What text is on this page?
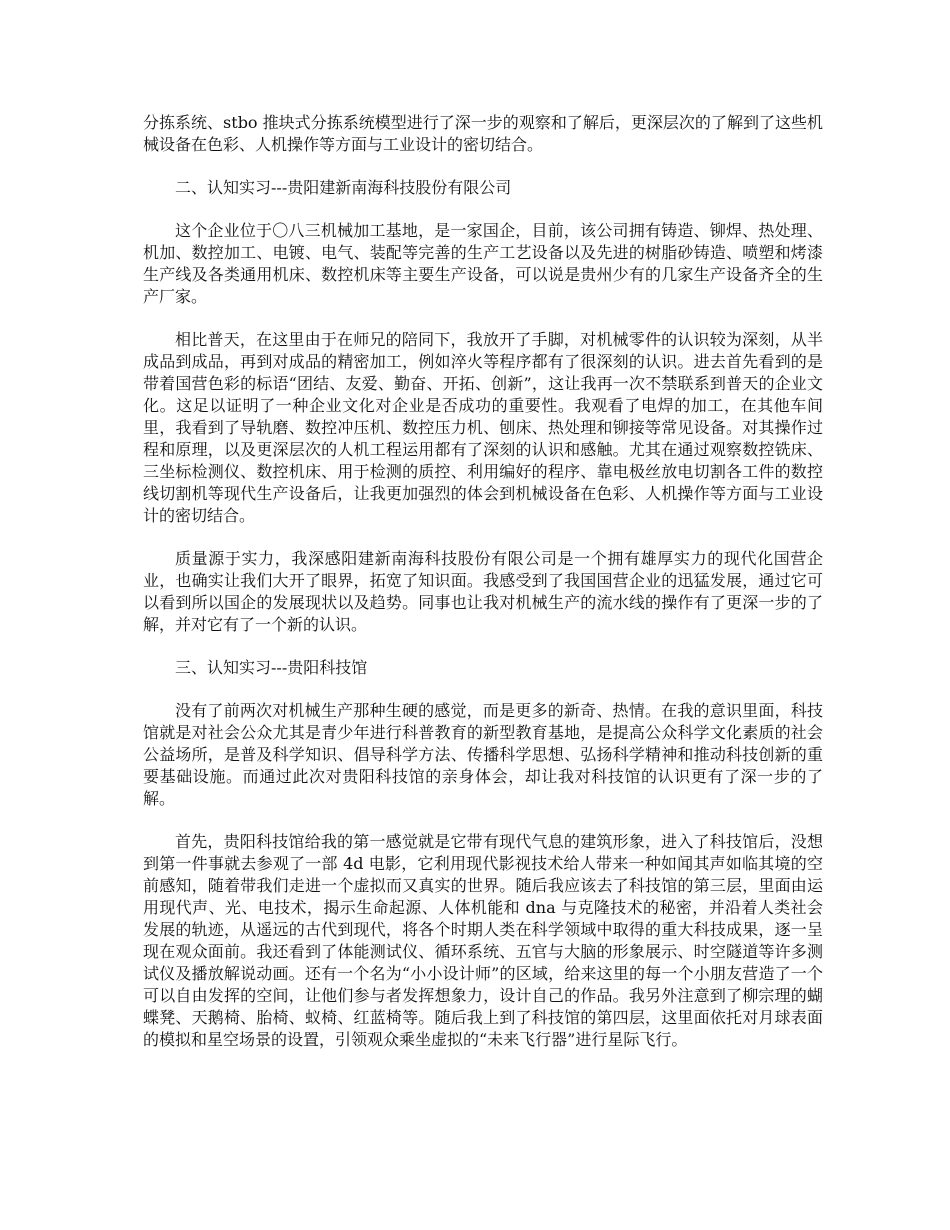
分拣系统、stbo 推块式分拣系统模型进行了深一步的观察和了解后，更深层次的了解到了这些机械设备在色彩、人机操作等方面与工业设计的密切结合。

二、认知实习---贵阳建新南海科技股份有限公司

这个企业位于〇八三机械加工基地，是一家国企，目前，该公司拥有铸造、铆焊、热处理、机加、数控加工、电镀、电气、装配等完善的生产工艺设备以及先进的树脂砂铸造、喷塑和烤漆生产线及各类通用机床、数控机床等主要生产设备，可以说是贵州少有的几家生产设备齐全的生产厂家。

相比普天，在这里由于在师兄的陪同下，我放开了手脚，对机械零件的认识较为深刻，从半成品到成品，再到对成品的精密加工，例如淬火等程序都有了很深刻的认识。进去首先看到的是带着国营色彩的标语“团结、友爱、勤奋、开拓、创新”，这让我再一次不禁联系到普天的企业文化。这足以证明了一种企业文化对企业是否成功的重要性。我观看了电焊的加工，在其他车间里，我看到了导轨磨、数控冲压机、数控压力机、刨床、热处理和铆接等常见设备。对其操作过程和原理，以及更深层次的人机工程运用都有了深刻的认识和感触。尤其在通过观察数控铣床、三坐标检测仪、数控机床、用于检测的质控、利用编好的程序、靠电极丝放电切割各工件的数控线切割机等现代生产设备后，让我更加强烈的体会到机械设备在色彩、人机操作等方面与工业设计的密切结合。

质量源于实力，我深感阳建新南海科技股份有限公司是一个拥有雄厚实力的现代化国营企业，也确实让我们大开了眼界，拓宽了知识面。我感受到了我国国营企业的迅猛发展，通过它可以看到所以国企的发展现状以及趋势。同事也让我对机械生产的流水线的操作有了更深一步的了解，并对它有了一个新的认识。

三、认知实习---贵阳科技馆

没有了前两次对机械生产那种生硬的感觉，而是更多的新奇、热情。在我的意识里面，科技馆就是对社会公众尤其是青少年进行科普教育的新型教育基地，是提高公众科学文化素质的社会公益场所，是普及科学知识、倡导科学方法、传播科学思想、弘扬科学精神和推动科技创新的重要基础设施。而通过此次对贵阳科技馆的亲身体会，却让我对科技馆的认识更有了深一步的了解。

首先，贵阳科技馆给我的第一感觉就是它带有现代气息的建筑形象，进入了科技馆后，没想到第一件事就去参观了一部 4d 电影，它利用现代影视技术给人带来一种如闻其声如临其境的空前感知，随着带我们走进一个虚拟而又真实的世界。随后我应该去了科技馆的第三层，里面由运用现代声、光、电技术，揭示生命起源、人体机能和 dna 与克隆技术的秘密，并沿着人类社会发展的轨迹，从遥远的古代到现代，将各个时期人类在科学领域中取得的重大科技成果，逐一呈现在观众面前。我还看到了体能测试仪、循环系统、五官与大脑的形象展示、时空隧道等许多测试仪及播放解说动画。还有一个名为“小小设计师”的区域，给来这里的每一个小朋友营造了一个可以自由发挥的空间，让他们参与者发挥想象力，设计自己的作品。我另外注意到了柳宗理的蝴蝶凳、天鹅椅、胎椅、蚁椅、红蓝椅等。随后我上到了科技馆的第四层，这里面依托对月球表面的模拟和星空场景的设置，引领观众乘坐虚拟的“未来飞行器”进行星际飞行。
